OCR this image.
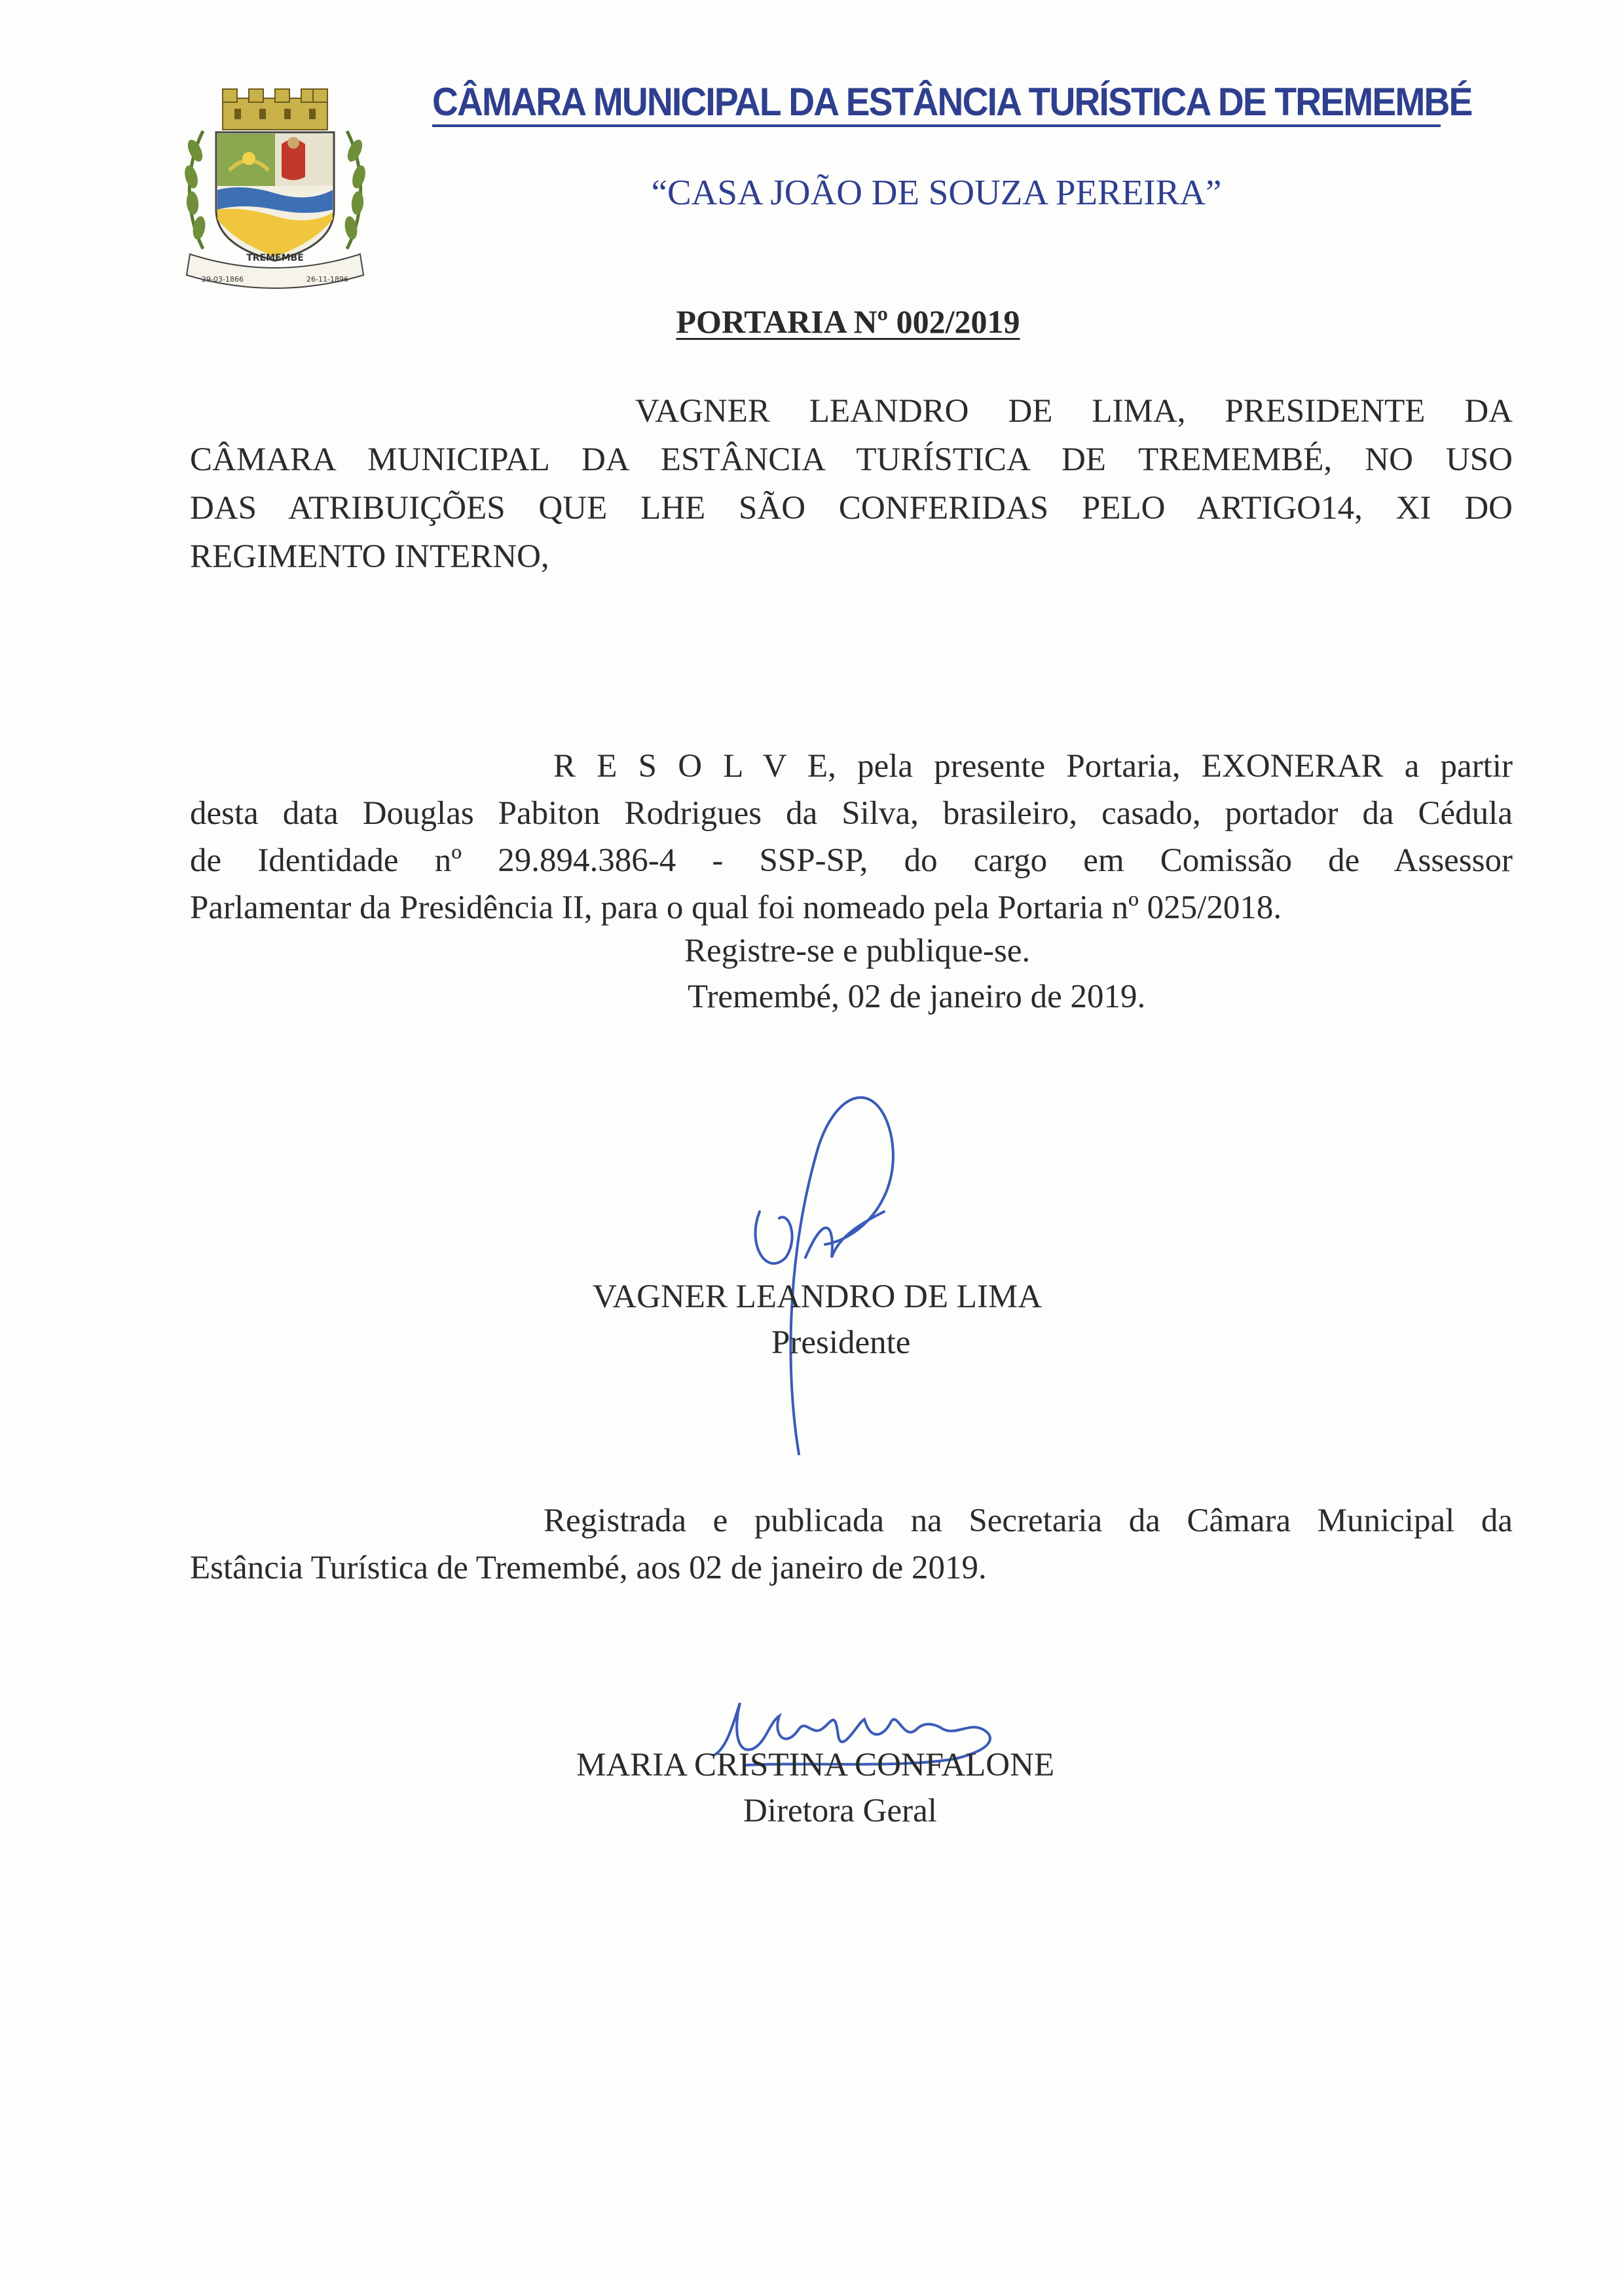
TREMEMBÉ
29-03-1866	26-11-1896
CÂMARA MUNICIPAL DA ESTÂNCIA TURÍSTICA DE TREMEMBÉ
“CASA JOÃO DE SOUZA PEREIRA”
PORTARIA Nº 002/2019
VAGNER LEANDRO DE LIMA, PRESIDENTE DA
CÂMARA MUNICIPAL DA ESTÂNCIA TURÍSTICA DE TREMEMBÉ, NO USO
DAS ATRIBUIÇÕES QUE LHE SÃO CONFERIDAS PELO ARTIGO14, XI DO
REGIMENTO INTERNO,
R E S O L V E, pela presente Portaria, EXONERAR a partir
desta data Douglas Pabiton Rodrigues da Silva, brasileiro, casado, portador da Cédula
de Identidade nº 29.894.386-4 - SSP-SP, do cargo em Comissão de Assessor
Parlamentar da Presidência II, para o qual foi nomeado pela Portaria nº 025/2018.
Registre-se e publique-se.
Tremembé, 02 de janeiro de 2019.
VAGNER LEANDRO DE LIMA
Presidente
Registrada e publicada na Secretaria da Câmara Municipal da
Estância Turística de Tremembé, aos 02 de janeiro de 2019.
MARIA CRISTINA CONFALONE
Diretora Geral
